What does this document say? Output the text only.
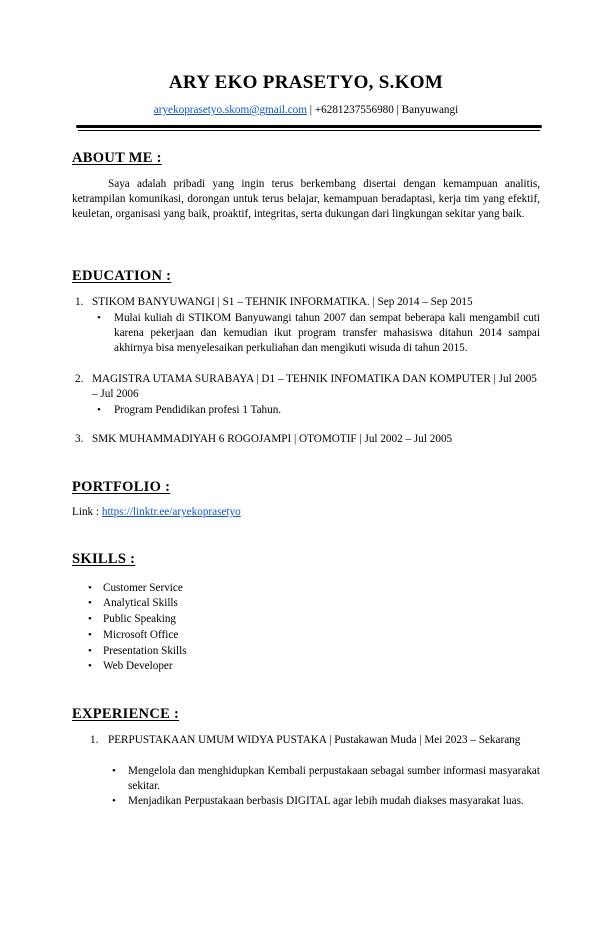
ARY EKO PRASETYO, S.KOM
aryekoprasetyo.skom@gmail.com | +6281237556980 | Banyuwangi
ABOUT ME :
Saya adalah pribadi yang ingin terus berkembang disertai dengan kemampuan analitis, ketrampilan komunikasi, dorongan untuk terus belajar, kemampuan beradaptasi, kerja tim yang efektif, keuletan, organisasi yang baik, proaktif, integritas, serta dukungan dari lingkungan sekitar yang baik.
EDUCATION :
1. STIKOM BANYUWANGI | S1 – TEHNIK INFORMATIKA. | Sep 2014 – Sep 2015
• Mulai kuliah di STIKOM Banyuwangi tahun 2007 dan sempat beberapa kali mengambil cuti karena pekerjaan dan kemudian ikut program transfer mahasiswa ditahun 2014 sampai akhirnya bisa menyelesaikan perkuliahan dan mengikuti wisuda di tahun 2015.
2. MAGISTRA UTAMA SURABAYA | D1 – TEHNIK INFOMATIKA DAN KOMPUTER | Jul 2005 – Jul 2006
• Program Pendidikan profesi 1 Tahun.
3. SMK MUHAMMADIYAH 6 ROGOJAMPI | OTOMOTIF | Jul 2002 – Jul 2005
PORTFOLIO :
Link : https://linktr.ee/aryekoprasetyo
SKILLS :
• Customer Service
• Analytical Skills
• Public Speaking
• Microsoft Office
• Presentation Skills
• Web Developer
EXPERIENCE :
1. PERPUSTAKAAN UMUM WIDYA PUSTAKA | Pustakawan Muda | Mei 2023 – Sekarang
• Mengelola dan menghidupkan Kembali perpustakaan sebagai sumber informasi masyarakat sekitar.
• Menjadikan Perpustakaan berbasis DIGITAL agar lebih mudah diakses masyarakat luas.
